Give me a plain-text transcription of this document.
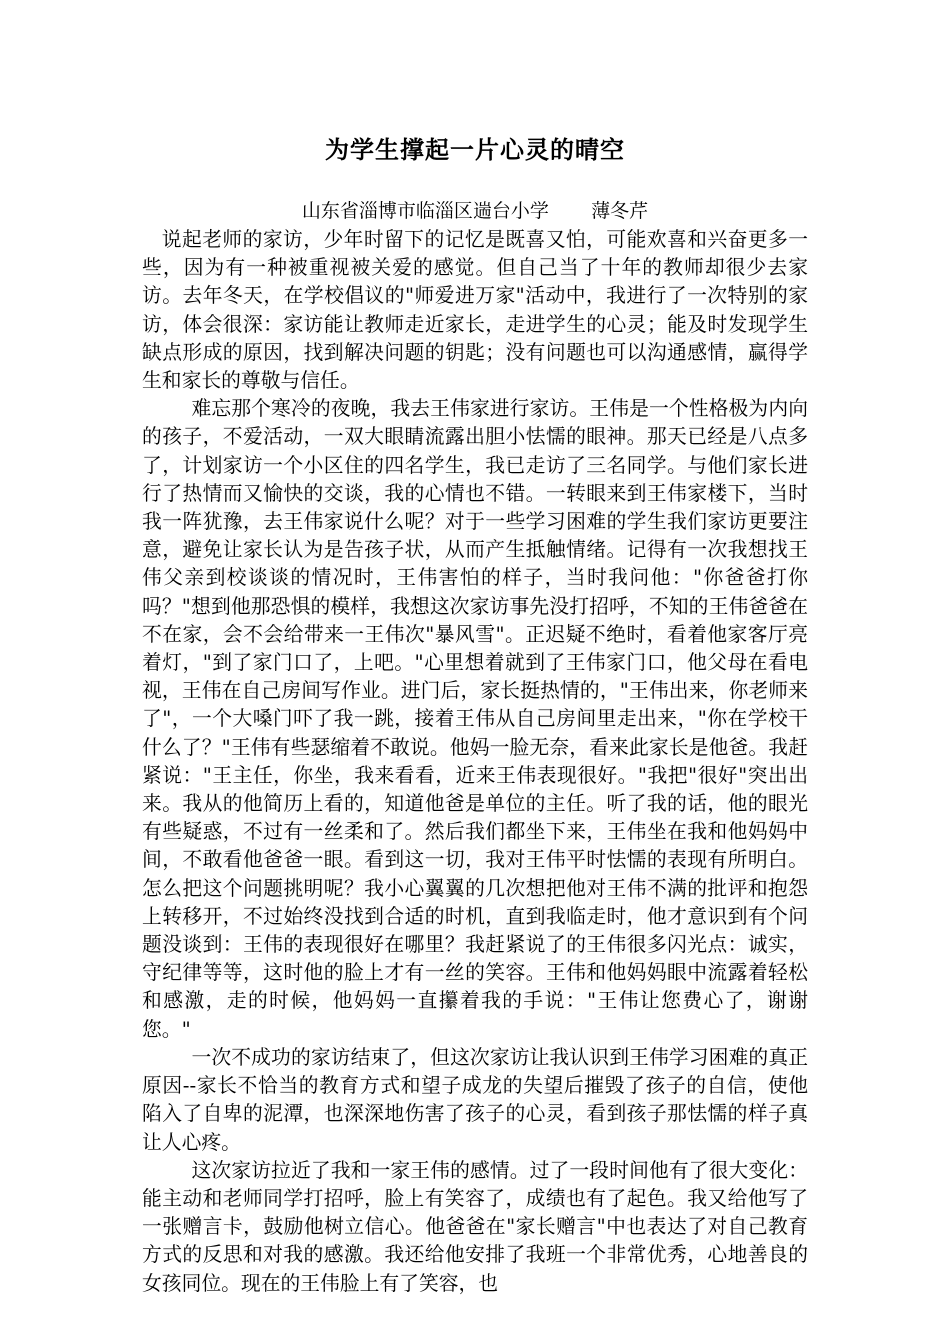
为学生撑起一片心灵的晴空

山东省淄博市临淄区遄台小学       薄冬芹

说起老师的家访，少年时留下的记忆是既喜又怕，可能欢喜和兴奋更多一些，因为有一种被重视被关爱的感觉。但自己当了十年的教师却很少去家访。去年冬天，在学校倡议的"师爱进万家"活动中，我进行了一次特别的家访，体会很深：家访能让教师走近家长，走进学生的心灵；能及时发现学生缺点形成的原因，找到解决问题的钥匙；没有问题也可以沟通感情，赢得学生和家长的尊敬与信任。

难忘那个寒冷的夜晚，我去王伟家进行家访。王伟是一个性格极为内向的孩子，不爱活动，一双大眼睛流露出胆小怯懦的眼神。那天已经是八点多了，计划家访一个小区住的四名学生，我已走访了三名同学。与他们家长进行了热情而又愉快的交谈，我的心情也不错。一转眼来到王伟家楼下，当时我一阵犹豫，去王伟家说什么呢？对于一些学习困难的学生我们家访更要注意，避免让家长认为是告孩子状，从而产生抵触情绪。记得有一次我想找王伟父亲到校谈谈的情况时，王伟害怕的样子，当时我问他："你爸爸打你吗？"想到他那恐惧的模样，我想这次家访事先没打招呼，不知的王伟爸爸在不在家，会不会给带来一王伟次"暴风雪"。正迟疑不绝时，看着他家客厅亮着灯，"到了家门口了，上吧。"心里想着就到了王伟家门口，他父母在看电视，王伟在自己房间写作业。进门后，家长挺热情的，"王伟出来，你老师来了"，一个大嗓门吓了我一跳，接着王伟从自己房间里走出来，"你在学校干什么了？"王伟有些瑟缩着不敢说。他妈一脸无奈，看来此家长是他爸。我赶紧说："王主任，你坐，我来看看，近来王伟表现很好。"我把"很好"突出出来。我从的他简历上看的，知道他爸是单位的主任。听了我的话，他的眼光有些疑惑，不过有一丝柔和了。然后我们都坐下来，王伟坐在我和他妈妈中间，不敢看他爸爸一眼。看到这一切，我对王伟平时怯懦的表现有所明白。怎么把这个问题挑明呢？我小心翼翼的几次想把他对王伟不满的批评和抱怨上转移开，不过始终没找到合适的时机，直到我临走时，他才意识到有个问题没谈到：王伟的表现很好在哪里？我赶紧说了的王伟很多闪光点：诚实，守纪律等等，这时他的脸上才有一丝的笑容。王伟和他妈妈眼中流露着轻松和感激，走的时候，他妈妈一直攥着我的手说："王伟让您费心了，谢谢您。"

一次不成功的家访结束了，但这次家访让我认识到王伟学习困难的真正原因--家长不恰当的教育方式和望子成龙的失望后摧毁了孩子的自信，使他陷入了自卑的泥潭，也深深地伤害了孩子的心灵，看到孩子那怯懦的样子真让人心疼。

这次家访拉近了我和一家王伟的感情。过了一段时间他有了很大变化：能主动和老师同学打招呼，脸上有笑容了，成绩也有了起色。我又给他写了一张赠言卡，鼓励他树立信心。他爸爸在"家长赠言"中也表达了对自己教育方式的反思和对我的感激。我还给他安排了我班一个非常优秀，心地善良的女孩同位。现在的王伟脸上有了笑容，也
